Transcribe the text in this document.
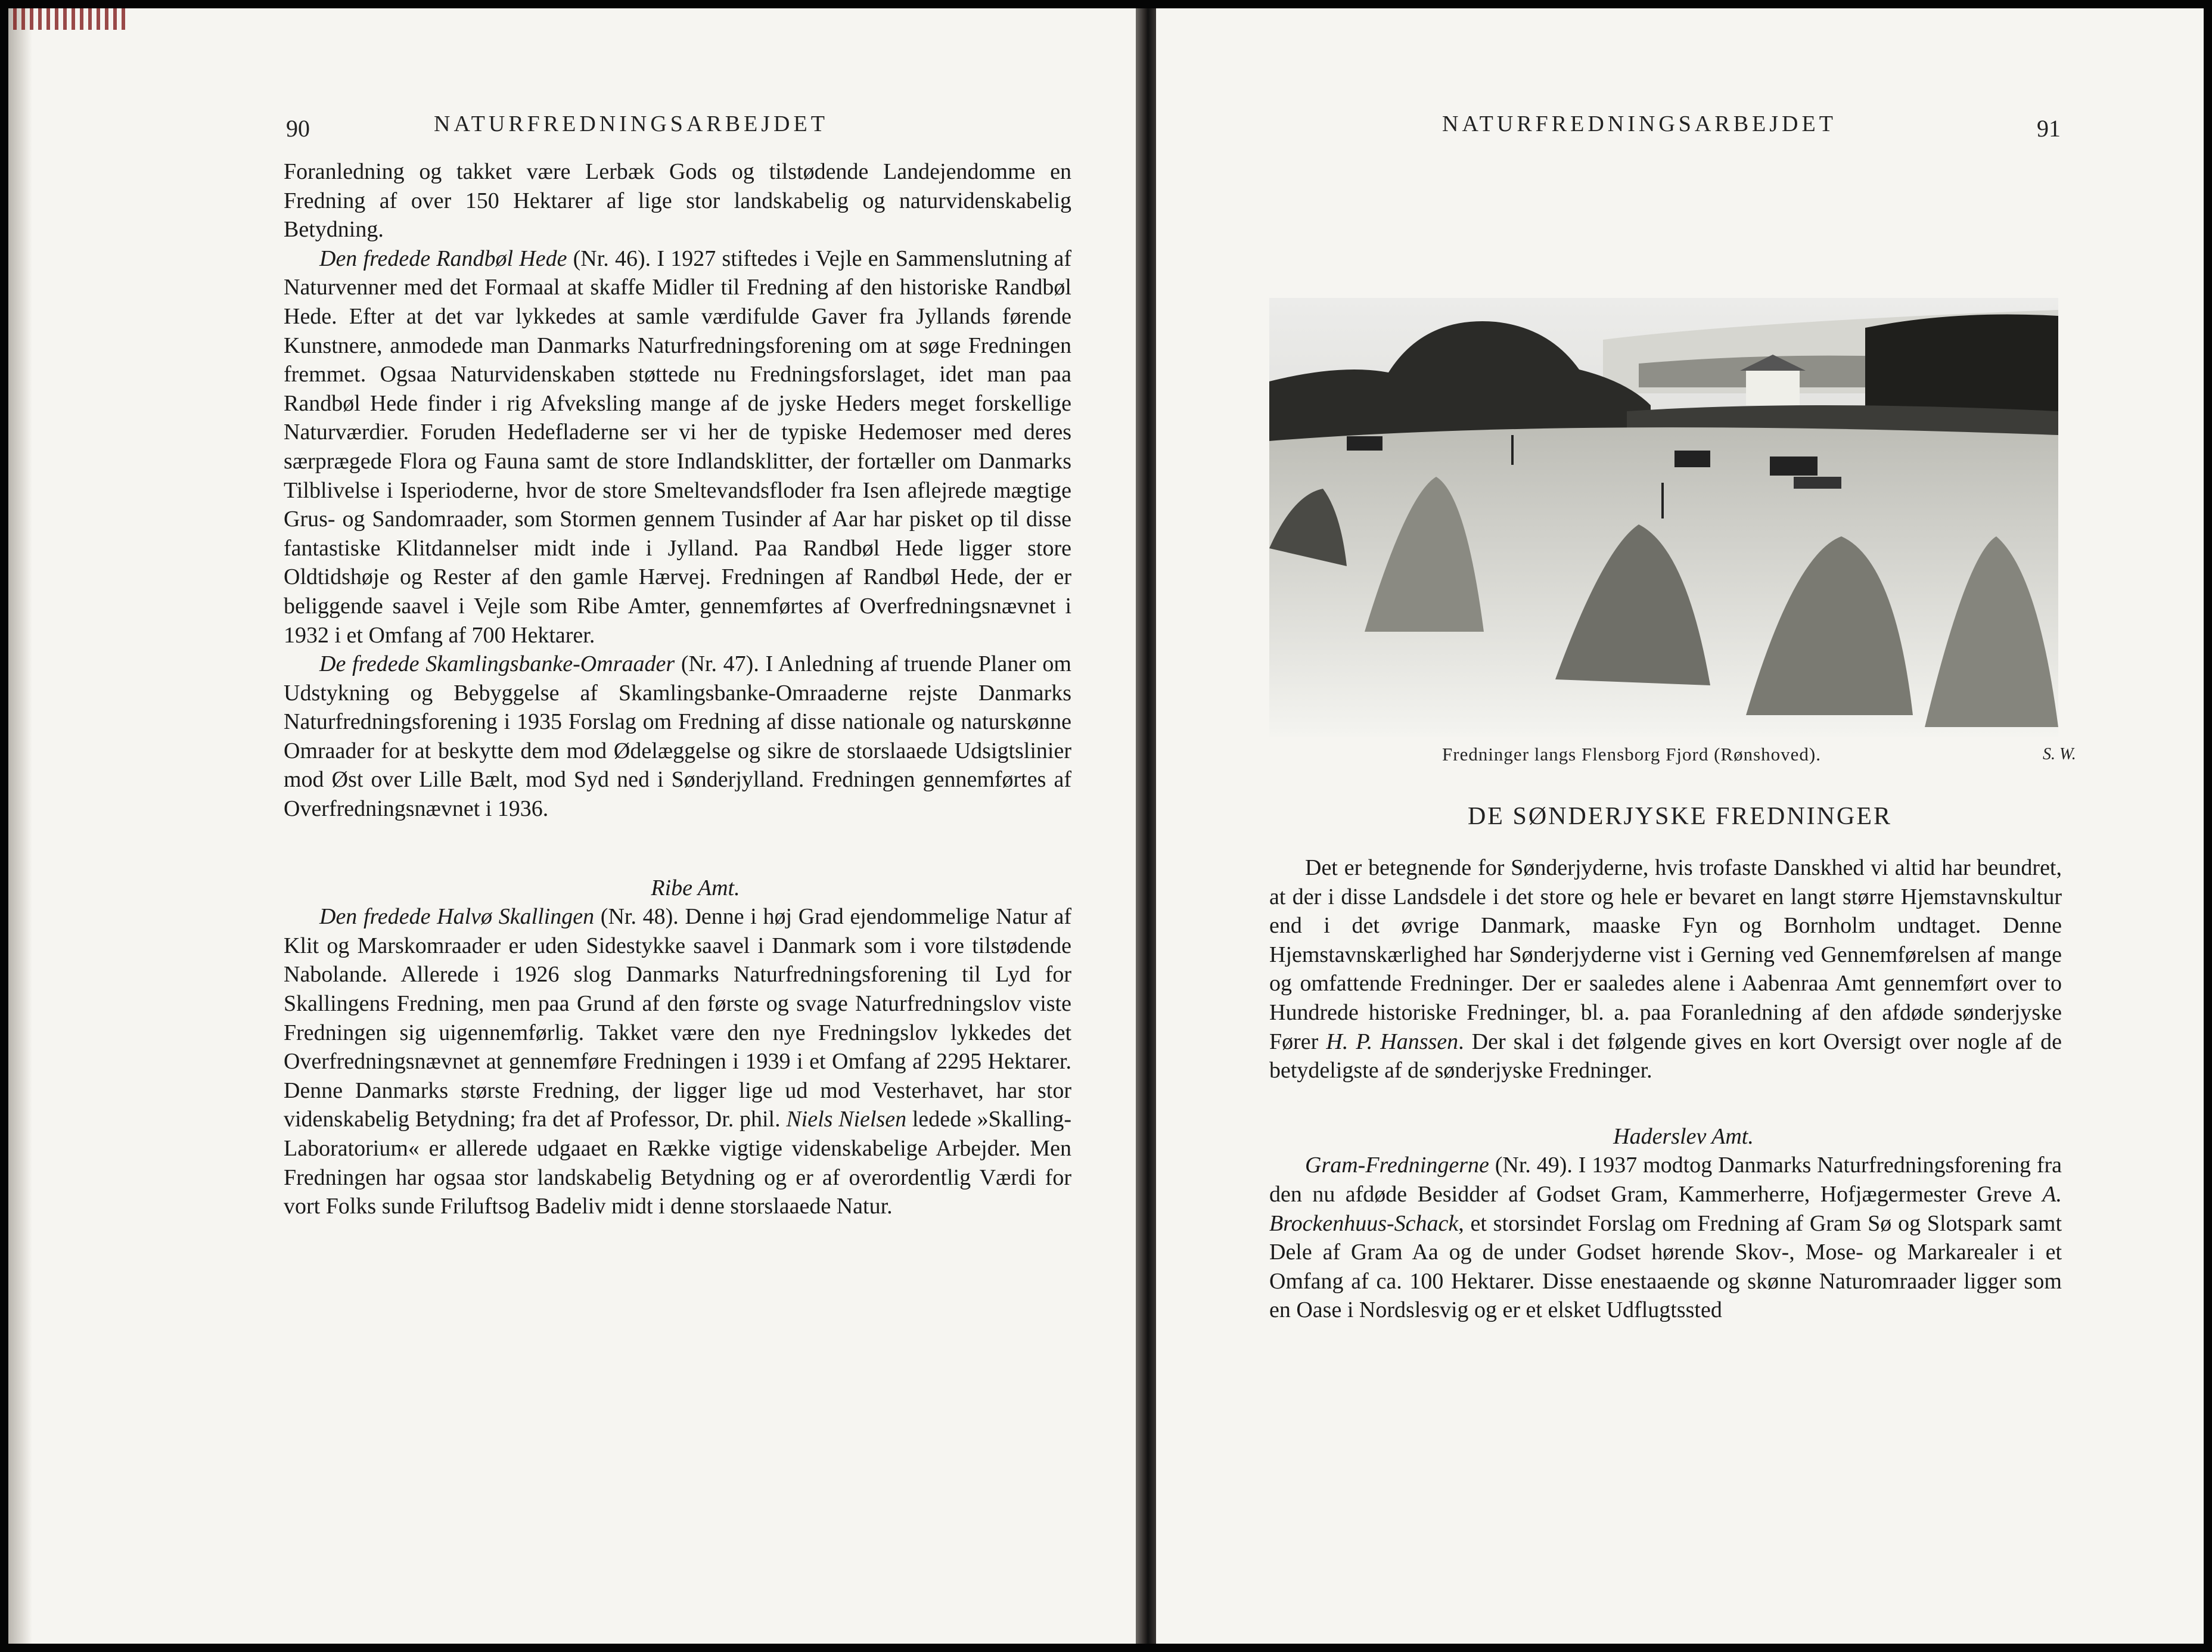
90	NATURFREDNINGSARBEJDET

Foranledning og takket være Lerbæk Gods og tilstødende Landejendomme en Fredning af over 150 Hektarer af lige stor landskabelig og naturvidenskabelig Betydning.

Den fredede Randbøl Hede (Nr. 46). I 1927 stiftedes i Vejle en Sammenslutning af Naturvenner med det Formaal at skaffe Midler til Fredning af den historiske Randbøl Hede. Efter at det var lykkedes at samle værdifulde Gaver fra Jyllands førende Kunstnere, anmodede man Danmarks Naturfredningsforening om at søge Fredningen fremmet. Ogsaa Naturvidenskaben støttede nu Fredningsforslaget, idet man paa Randbøl Hede finder i rig Afveksling mange af de jyske Heders meget forskellige Naturværdier. Foruden Hedefladerne ser vi her de typiske Hedemoser med deres særprægede Flora og Fauna samt de store Indlandsklitter, der fortæller om Danmarks Tilblivelse i Isperioderne, hvor de store Smeltevandsfloder fra Isen aflejrede mægtige Grus- og Sandomraader, som Stormen gennem Tusinder af Aar har pisket op til disse fantastiske Klitdannelser midt inde i Jylland. Paa Randbøl Hede ligger store Oldtidshøje og Rester af den gamle Hærvej. Fredningen af Randbøl Hede, der er beliggende saavel i Vejle som Ribe Amter, gennemførtes af Overfredningsnævnet i 1932 i et Omfang af 700 Hektarer.

De fredede Skamlingsbanke-Omraader (Nr. 47). I Anledning af truende Planer om Udstykning og Bebyggelse af Skamlingsbanke-Omraaderne rejste Danmarks Naturfredningsforening i 1935 Forslag om Fredning af disse nationale og naturskønne Omraader for at beskytte dem mod Ødelæggelse og sikre de storslaaede Udsigtslinier mod Øst over Lille Bælt, mod Syd ned i Sønderjylland. Fredningen gennemførtes af Overfredningsnævnet i 1936.

Ribe Amt.

Den fredede Halvø Skallingen (Nr. 48). Denne i høj Grad ejendommelige Natur af Klit og Marskomraader er uden Sidestykke saavel i Danmark som i vore tilstødende Nabolande. Allerede i 1926 slog Danmarks Naturfredningsforening til Lyd for Skallingens Fredning, men paa Grund af den første og svage Naturfredningslov viste Fredningen sig uigennemførlig. Takket være den nye Fredningslov lykkedes det Overfredningsnævnet at gennemføre Fredningen i 1939 i et Omfang af 2295 Hektarer. Denne Danmarks største Fredning, der ligger lige ud mod Vesterhavet, har stor videnskabelig Betydning; fra det af Professor, Dr. phil. Niels Nielsen ledede »Skalling-Laboratorium« er allerede udgaaet en Række vigtige videnskabelige Arbejder. Men Fredningen har ogsaa stor landskabelig Betydning og er af overordentlig Værdi for vort Folks sunde Friluftsog Badeliv midt i denne storslaaede Natur.

NATURFREDNINGSARBEJDET	91
Fredninger langs Flensborg Fjord (Rønshoved).	S. W.
DE SØNDERJYSKE FREDNINGER

Det er betegnende for Sønderjyderne, hvis trofaste Danskhed vi altid har beundret, at der i disse Landsdele i det store og hele er bevaret en langt større Hjemstavnskultur end i det øvrige Danmark, maaske Fyn og Bornholm undtaget. Denne Hjemstavnskærlighed har Sønderjyderne vist i Gerning ved Gennemførelsen af mange og omfattende Fredninger. Der er saaledes alene i Aabenraa Amt gennemført over to Hundrede historiske Fredninger, bl. a. paa Foranledning af den afdøde sønderjyske Fører H. P. Hanssen. Der skal i det følgende gives en kort Oversigt over nogle af de betydeligste af de sønderjyske Fredninger.

Haderslev Amt.

Gram-Fredningerne (Nr. 49). I 1937 modtog Danmarks Naturfredningsforening fra den nu afdøde Besidder af Godset Gram, Kammerherre, Hofjægermester Greve A. Brockenhuus-Schack, et storsindet Forslag om Fredning af Gram Sø og Slotspark samt Dele af Gram Aa og de under Godset hørende Skov-, Mose- og Markarealer i et Omfang af ca. 100 Hektarer. Disse enestaaende og skønne Naturomraader ligger som en Oase i Nordslesvig og er et elsket Udflugtssted
